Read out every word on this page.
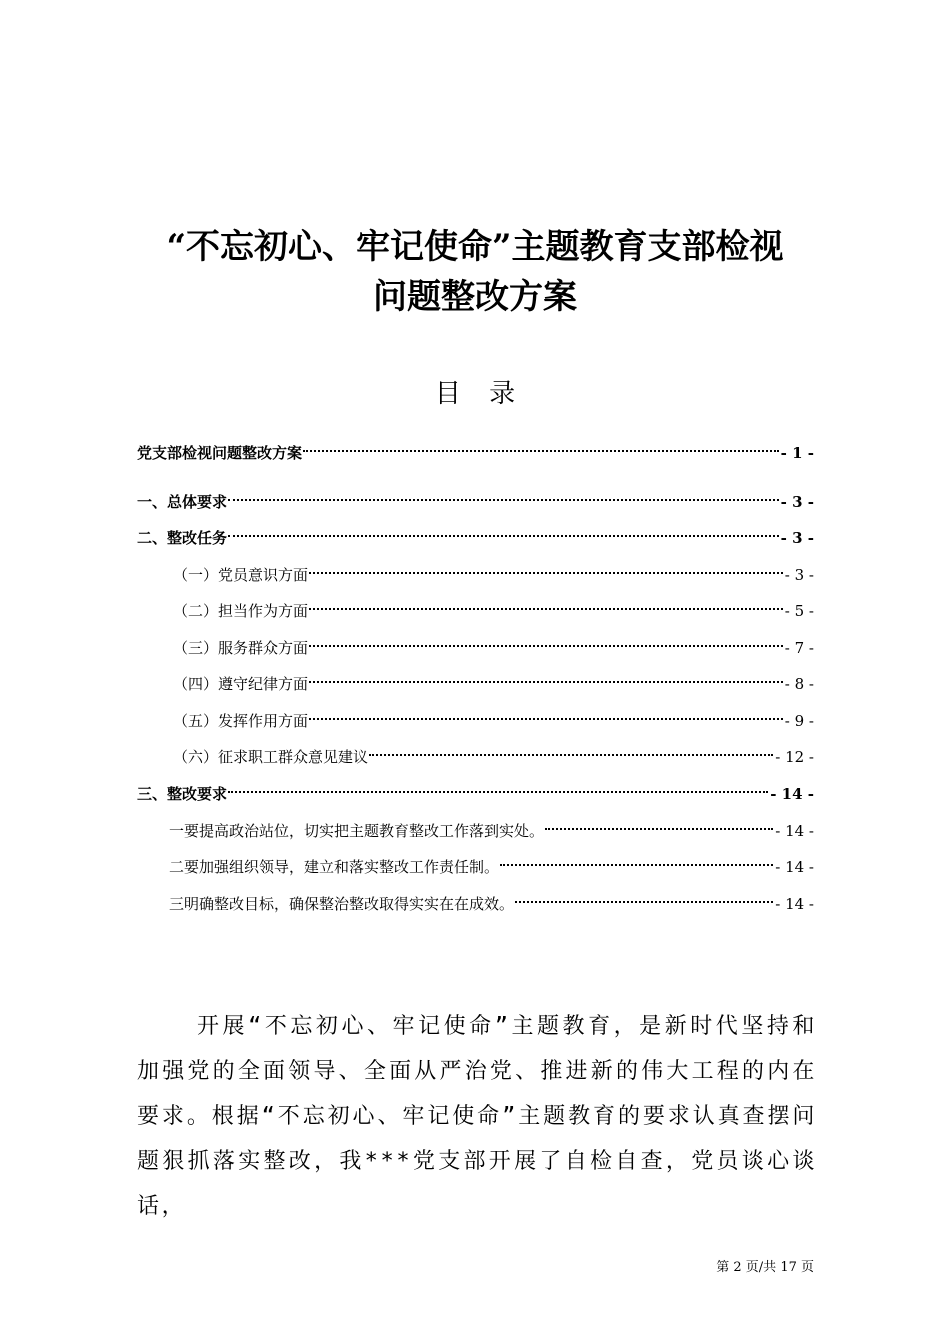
“不忘初心、牢记使命”主题教育支部检视
问题整改方案
目 录
党支部检视问题整改方案	- 1 -
一、总体要求	- 3 -
二、整改任务	- 3 -
（一）党员意识方面	- 3 -
（二）担当作为方面	- 5 -
（三）服务群众方面	- 7 -
（四）遵守纪律方面	- 8 -
（五）发挥作用方面	- 9 -
（六）征求职工群众意见建议	- 12 -
三、整改要求	- 14 -
一要提高政治站位，切实把主题教育整改工作落到实处。	- 14 -
二要加强组织领导，建立和落实整改工作责任制。	- 14 -
三明确整改目标，确保整治整改取得实实在在成效。	- 14 -

开展“不忘初心、牢记使命”主题教育，是新时代坚持和加强党的全面领导、全面从严治党、推进新的伟大工程的内在要求。根据“不忘初心、牢记使命”主题教育的要求认真查摆问题狠抓落实整改，我***党支部开展了自检自查，党员谈心谈话，

第 2 页/共 17 页
